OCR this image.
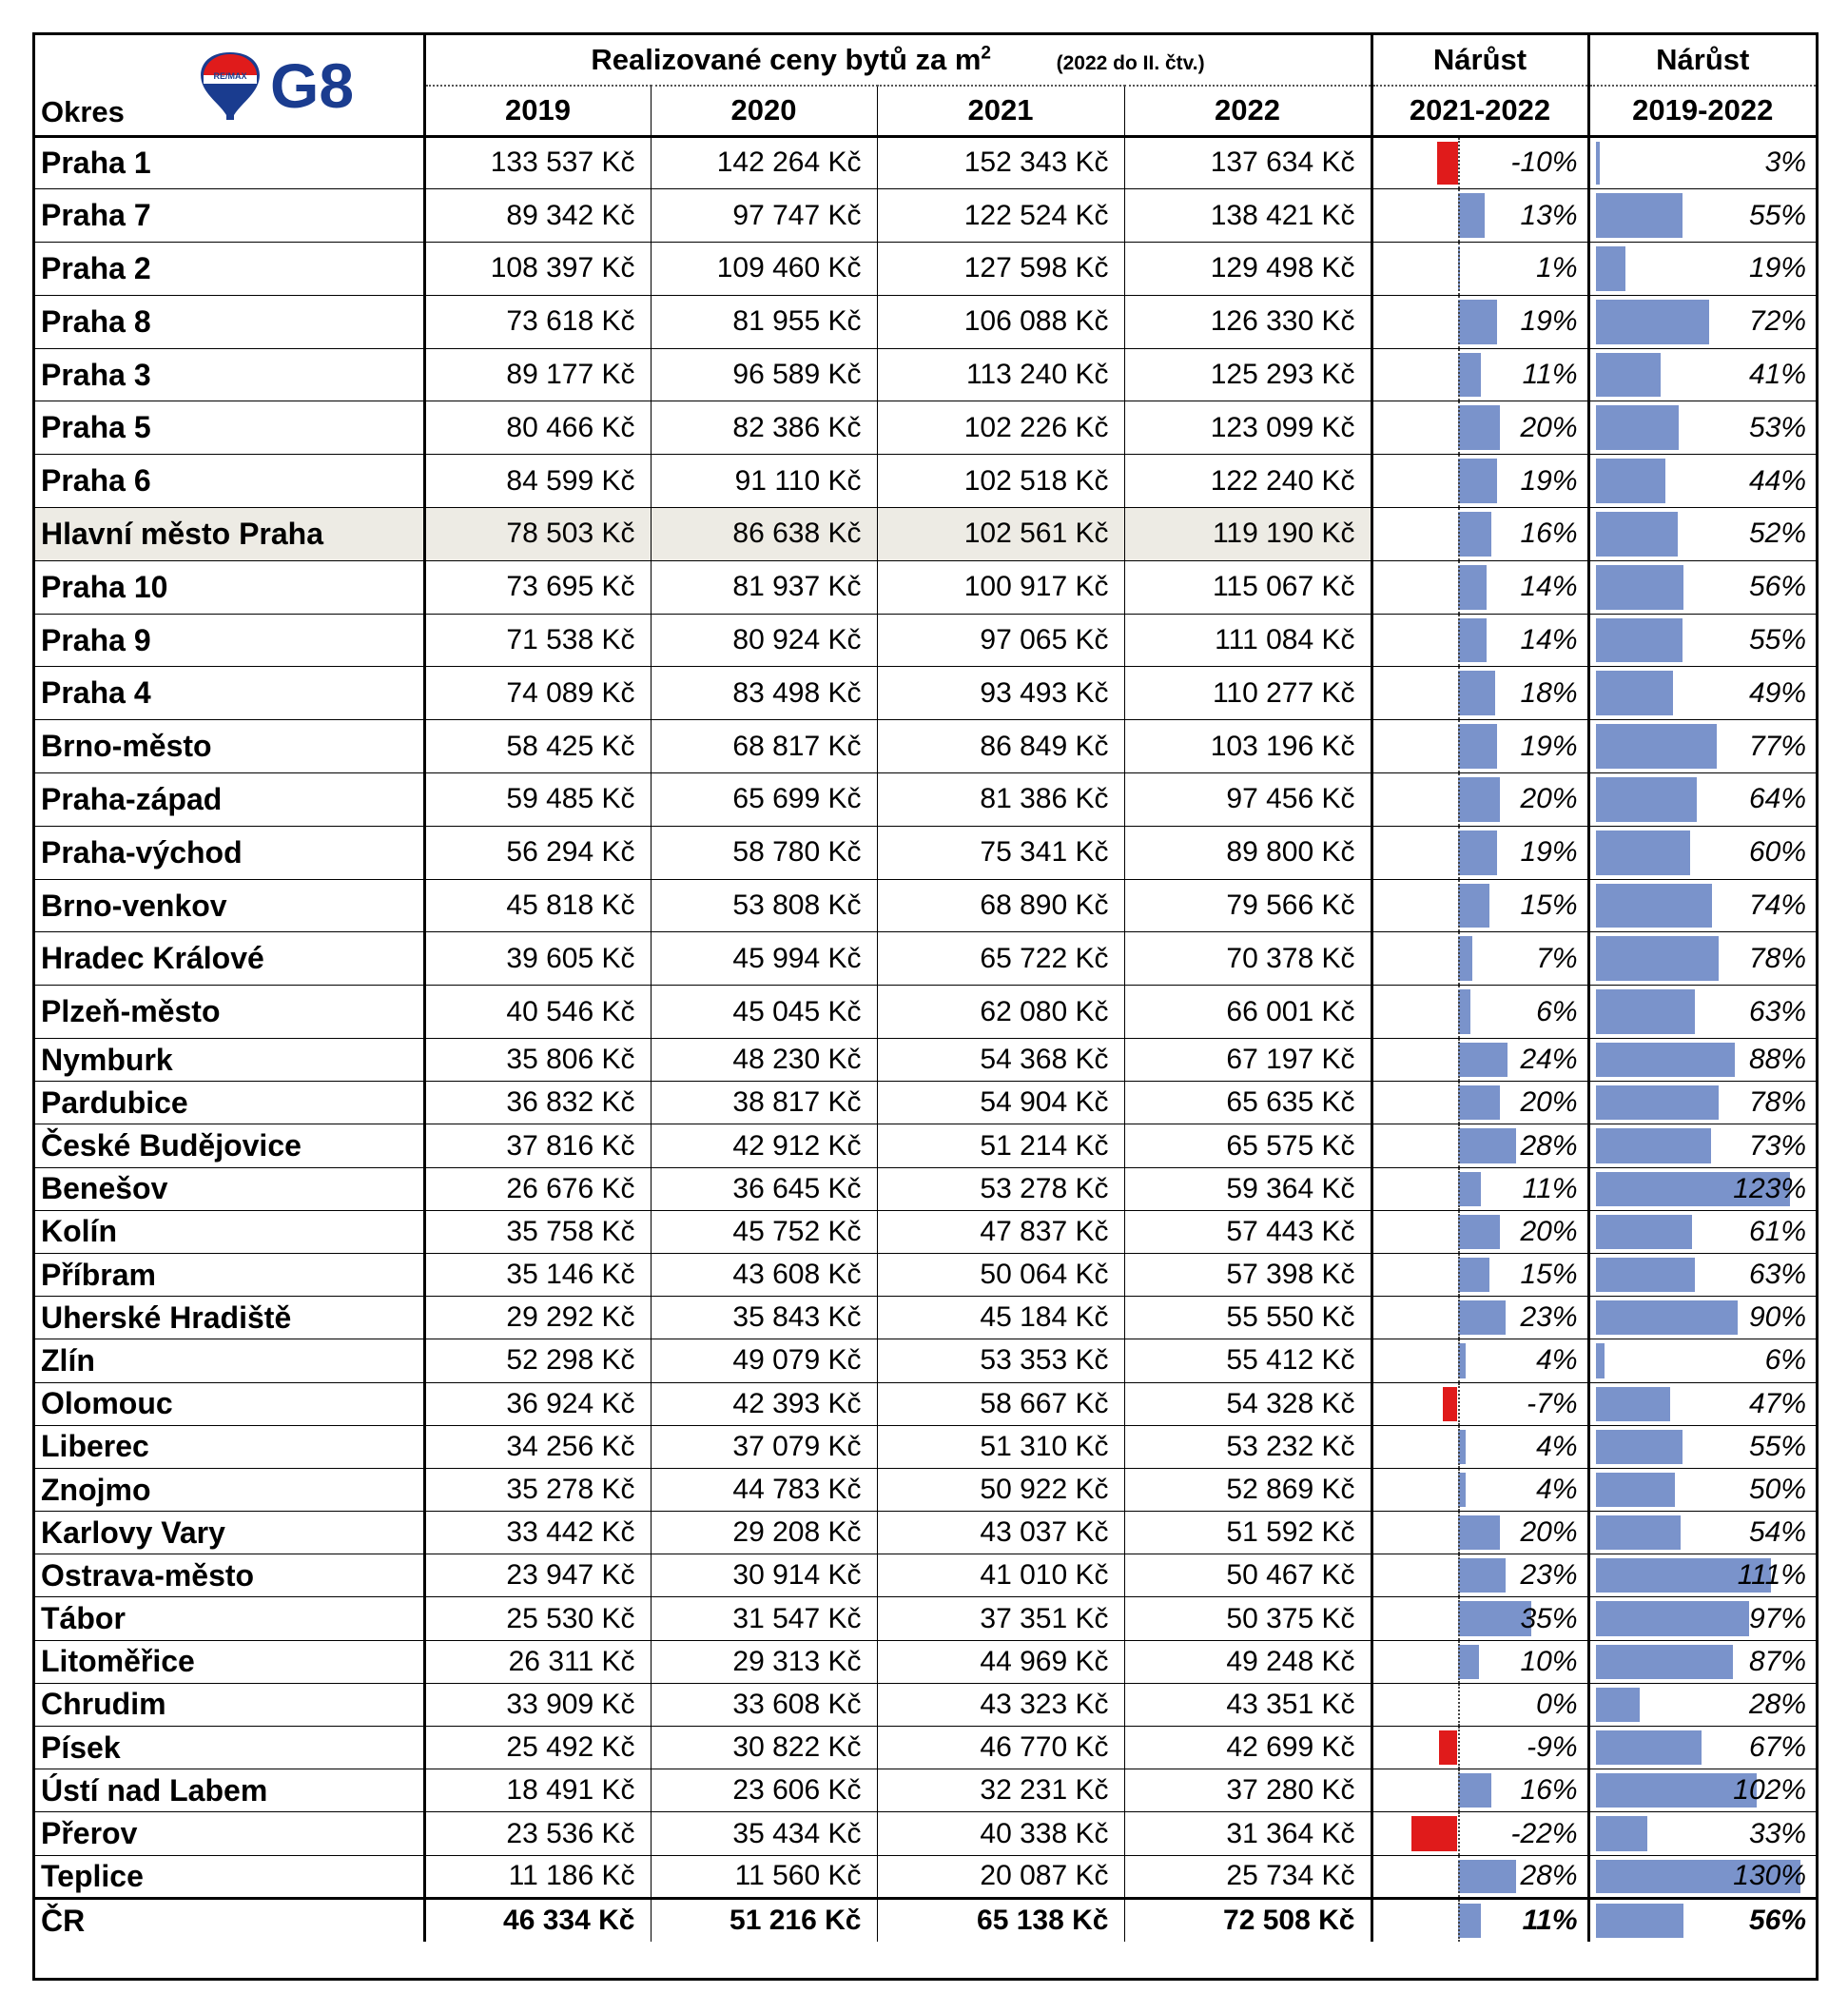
RE/MAX G8
Okres	Realizované ceny bytů za $m^2$ (2022 do II. čtv.)				Nárůst	Nárůst
	2019	2020	2021	2022	2021-2022	2019-2022
Praha 1	133 537 Kč	142 264 Kč	152 343 Kč	137 634 Kč	-10%	3%

Praha 7	89 342 Kč	97 747 Kč	122 524 Kč	138 421 Kč	13%	55%

Praha 2	108 397 Kč	109 460 Kč	127 598 Kč	129 498 Kč	1%	19%

Praha 8	73 618 Kč	81 955 Kč	106 088 Kč	126 330 Kč	19%	72%

Praha 3	89 177 Kč	96 589 Kč	113 240 Kč	125 293 Kč	11%	41%

Praha 5	80 466 Kč	82 386 Kč	102 226 Kč	123 099 Kč	20%	53%

Praha 6	84 599 Kč	91 110 Kč	102 518 Kč	122 240 Kč	19%	44%

Hlavní město Praha	78 503 Kč	86 638 Kč	102 561 Kč	119 190 Kč	16%	52%

Praha 10	73 695 Kč	81 937 Kč	100 917 Kč	115 067 Kč	14%	56%

Praha 9	71 538 Kč	80 924 Kč	97 065 Kč	111 084 Kč	14%	55%

Praha 4	74 089 Kč	83 498 Kč	93 493 Kč	110 277 Kč	18%	49%

Brno-město	58 425 Kč	68 817 Kč	86 849 Kč	103 196 Kč	19%	77%

Praha-západ	59 485 Kč	65 699 Kč	81 386 Kč	97 456 Kč	20%	64%

Praha-východ	56 294 Kč	58 780 Kč	75 341 Kč	89 800 Kč	19%	60%

Brno-venkov	45 818 Kč	53 808 Kč	68 890 Kč	79 566 Kč	15%	74%

Hradec Králové	39 605 Kč	45 994 Kč	65 722 Kč	70 378 Kč	7%	78%

Plzeň-město	40 546 Kč	45 045 Kč	62 080 Kč	66 001 Kč	6%	63%

Nymburk	35 806 Kč	48 230 Kč	54 368 Kč	67 197 Kč	24%	88%

Pardubice	36 832 Kč	38 817 Kč	54 904 Kč	65 635 Kč	20%	78%

České Budějovice	37 816 Kč	42 912 Kč	51 214 Kč	65 575 Kč	28%	73%

Benešov	26 676 Kč	36 645 Kč	53 278 Kč	59 364 Kč	11%	123%

Kolín	35 758 Kč	45 752 Kč	47 837 Kč	57 443 Kč	20%	61%

Příbram	35 146 Kč	43 608 Kč	50 064 Kč	57 398 Kč	15%	63%

Uherské Hradiště	29 292 Kč	35 843 Kč	45 184 Kč	55 550 Kč	23%	90%

Zlín	52 298 Kč	49 079 Kč	53 353 Kč	55 412 Kč	4%	6%

Olomouc	36 924 Kč	42 393 Kč	58 667 Kč	54 328 Kč	-7%	47%

Liberec	34 256 Kč	37 079 Kč	51 310 Kč	53 232 Kč	4%	55%

Znojmo	35 278 Kč	44 783 Kč	50 922 Kč	52 869 Kč	4%	50%

Karlovy Vary	33 442 Kč	29 208 Kč	43 037 Kč	51 592 Kč	20%	54%

Ostrava-město	23 947 Kč	30 914 Kč	41 010 Kč	50 467 Kč	23%	111%

Tábor	25 530 Kč	31 547 Kč	37 351 Kč	50 375 Kč	35%	97%

Litoměřice	26 311 Kč	29 313 Kč	44 969 Kč	49 248 Kč	10%	87%

Chrudim	33 909 Kč	33 608 Kč	43 323 Kč	43 351 Kč	0%	28%

Písek	25 492 Kč	30 822 Kč	46 770 Kč	42 699 Kč	-9%	67%

Ústí nad Labem	18 491 Kč	23 606 Kč	32 231 Kč	37 280 Kč	16%	102%

Přerov	23 536 Kč	35 434 Kč	40 338 Kč	31 364 Kč	-22%	33%

Teplice	11 186 Kč	11 560 Kč	20 087 Kč	25 734 Kč	28%	130%

ČR	46 334 Kč	51 216 Kč	65 138 Kč	72 508 Kč	11%	56%
